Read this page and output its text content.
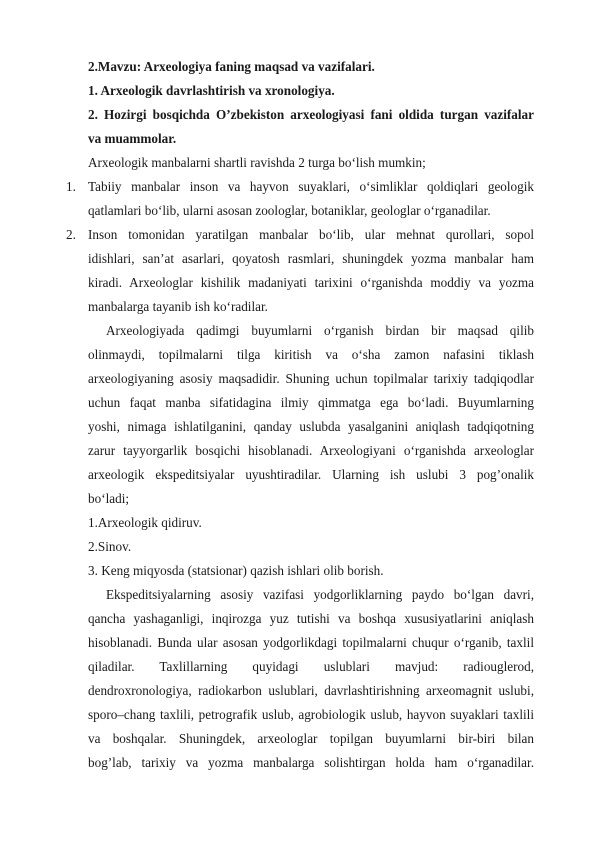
2.Mavzu: Arxeologiya faning maqsad va vazifalari.
1. Arxeologik davrlashtirish va xronologiya.
2. Hozirgi bosqichda O’zbekiston arxeologiyasi fani oldida turgan vazifalar
va muammolar.
Arxeologik manbalarni shartli ravishda 2 turga bo‘lish mumkin;
1. Tabiiy manbalar inson va hayvon suyaklari, o‘simliklar qoldiqlari geologik
qatlamlari bo‘lib, ularni asosan zoologlar, botaniklar, geologlar o‘rganadilar.
2. Inson tomonidan yaratilgan manbalar bo‘lib, ular mehnat qurollari, sopol
idishlari, san’at asarlari, qoyatosh rasmlari, shuningdek yozma manbalar ham
kiradi. Arxeologlar kishilik madaniyati tarixini o‘rganishda moddiy va yozma
manbalarga tayanib ish ko‘radilar.
Arxeologiyada qadimgi buyumlarni o‘rganish birdan bir maqsad qilib
olinmaydi, topilmalarni tilga kiritish va o‘sha zamon nafasini tiklash
arxeologiyaning asosiy maqsadidir. Shuning uchun topilmalar tarixiy tadqiqodlar
uchun faqat manba sifatidagina ilmiy qimmatga ega bo‘ladi. Buyumlarning
yoshi, nimaga ishlatilganini, qanday uslubda yasalganini aniqlash tadqiqotning
zarur tayyorgarlik bosqichi hisoblanadi. Arxeologiyani o‘rganishda arxeologlar
arxeologik ekspeditsiyalar uyushtiradilar. Ularning ish uslubi 3 pog’onalik
bo‘ladi;
1.Arxeologik qidiruv.
2.Sinov.
3. Keng miqyosda (statsionar) qazish ishlari olib borish.
Ekspeditsiyalarning asosiy vazifasi yodgorliklarning paydo bo‘lgan davri,
qancha yashaganligi, inqirozga yuz tutishi va boshqa xususiyatlarini aniqlash
hisoblanadi. Bunda ular asosan yodgorlikdagi topilmalarni chuqur o‘rganib, taxlil
qiladilar. Taxlillarning quyidagi uslublari mavjud: radiouglerod,
dendroxronologiya, radiokarbon uslublari, davrlashtirishning arxeomagnit uslubi,
sporo–chang taxlili, petrografik uslub, agrobiologik uslub, hayvon suyaklari taxlili
va boshqalar. Shuningdek, arxeologlar topilgan buyumlarni bir-biri bilan
bog’lab, tarixiy va yozma manbalarga solishtirgan holda ham o‘rganadilar.
